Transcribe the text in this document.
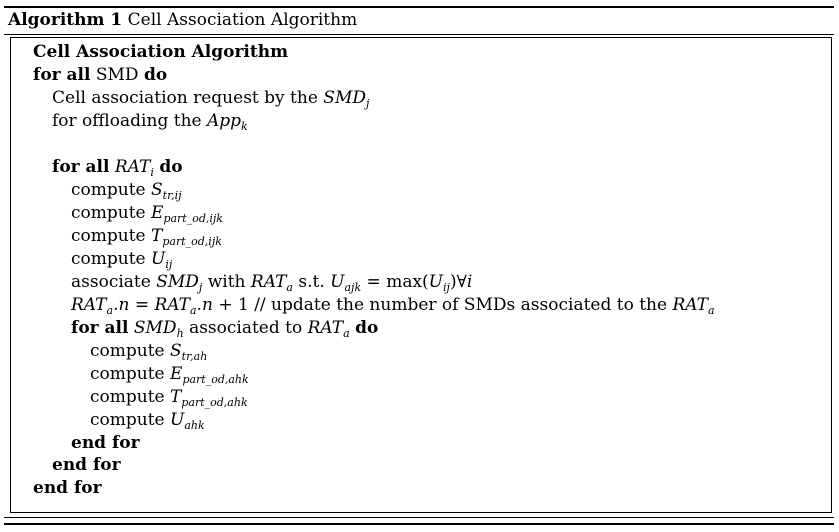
Algorithm 1 Cell Association Algorithm
Cell Association Algorithm
for all SMD do
Cell association request by the $SMD_j$
for offloading the App$_k$
for all $RAT_i$ do
compute $S_{tr,ij}$
compute $E_{part\_od,ijk}$
compute $T_{part\_od,ijk}$
compute $U_{ij}$
associate $SMD_j$ with $RAT_a$ s.t. $U_{ajk}$ = $\max(U_{ij})\forall i$
$RAT_a.n = RAT_a.n + 1$ // update the number of SMDs associated to the $RAT_a$
for all $SMD_h$ associated to $RAT_a$ do
compute $S_{tr,ah}$
compute $E_{part\_od,ahk}$
compute $T_{part\_od,ahk}$
compute $U_{ahk}$
end for
end for
end for
